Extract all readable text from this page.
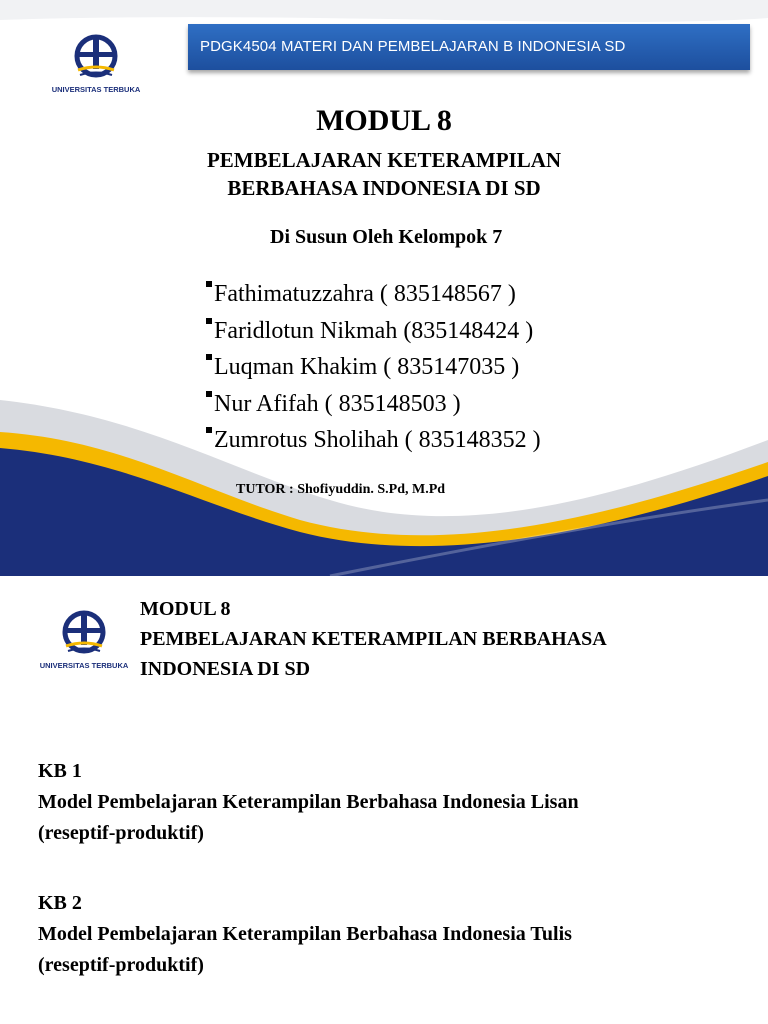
UNIVERSITAS TERBUKA
PDGK4504 MATERI DAN PEMBELAJARAN B INDONESIA SD
MODUL 8
PEMBELAJARAN KETERAMPILAN
BERBAHASA INDONESIA DI SD
Di Susun Oleh Kelompok 7
Fathimatuzzahra ( 835148567 )
Faridlotun Nikmah (835148424 )
Luqman Khakim ( 835147035 )
Nur Afifah ( 835148503 )
Zumrotus Sholihah ( 835148352 )
TUTOR : Shofiyuddin. S.Pd, M.Pd
UNIVERSITAS TERBUKA
MODUL 8
PEMBELAJARAN KETERAMPILAN BERBAHASA
INDONESIA DI SD
KB 1
Model Pembelajaran Keterampilan Berbahasa Indonesia Lisan
(reseptif-produktif)
KB 2
Model Pembelajaran Keterampilan Berbahasa Indonesia Tulis
(reseptif-produktif)
